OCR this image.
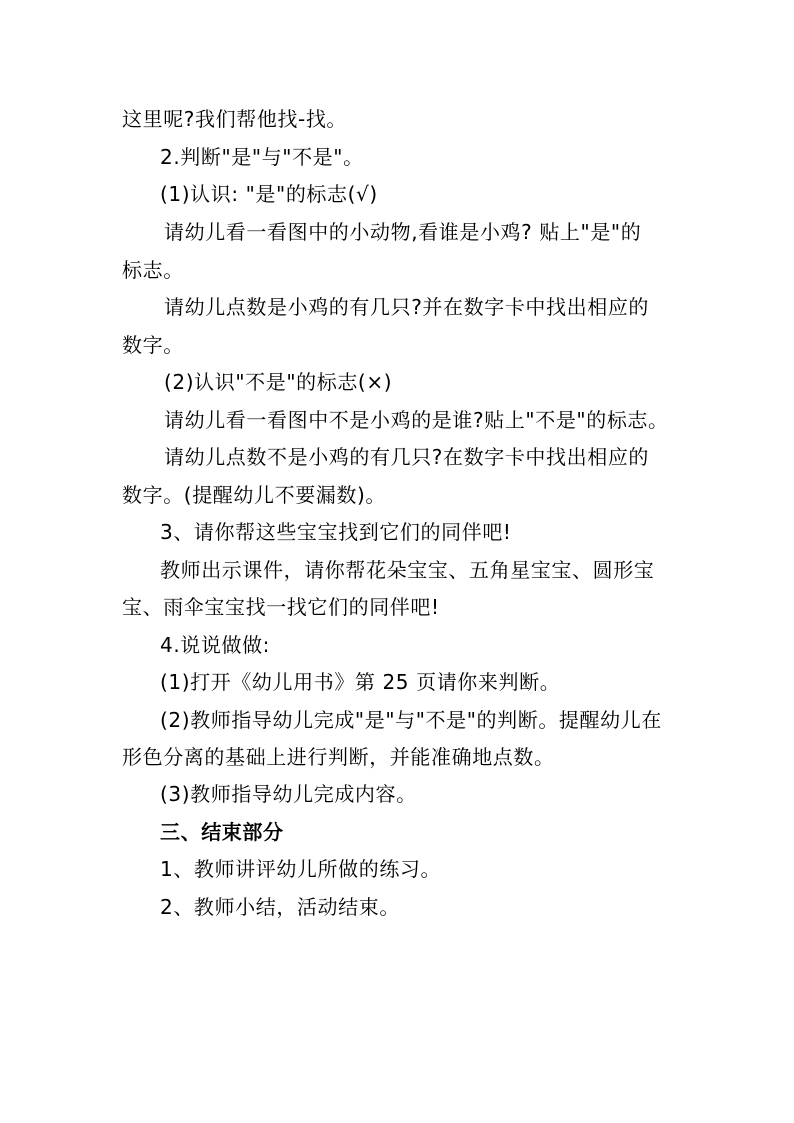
这里呢?我们帮他找-找。
2.判断"是"与"不是"。
(1)认识: "是"的标志(√)
请幼儿看一看图中的小动物,看谁是小鸡? 贴上"是"的
标志。
请幼儿点数是小鸡的有几只?并在数字卡中找出相应的
数字。
(2)认识"不是"的标志(×)
请幼儿看一看图中不是小鸡的是谁?贴上"不是"的标志。
请幼儿点数不是小鸡的有几只?在数字卡中找出相应的
数字。(提醒幼儿不要漏数)。
3、请你帮这些宝宝找到它们的同伴吧!
教师出示课件，请你帮花朵宝宝、五角星宝宝、圆形宝
宝、雨伞宝宝找一找它们的同伴吧!
4.说说做做:
(1)打开《幼儿用书》第 25 页请你来判断。
(2)教师指导幼儿完成"是"与"不是"的判断。提醒幼儿在
形色分离的基础上进行判断，并能准确地点数。
(3)教师指导幼儿完成内容。
三、结束部分
1、教师讲评幼儿所做的练习。
2、教师小结，活动结束。
